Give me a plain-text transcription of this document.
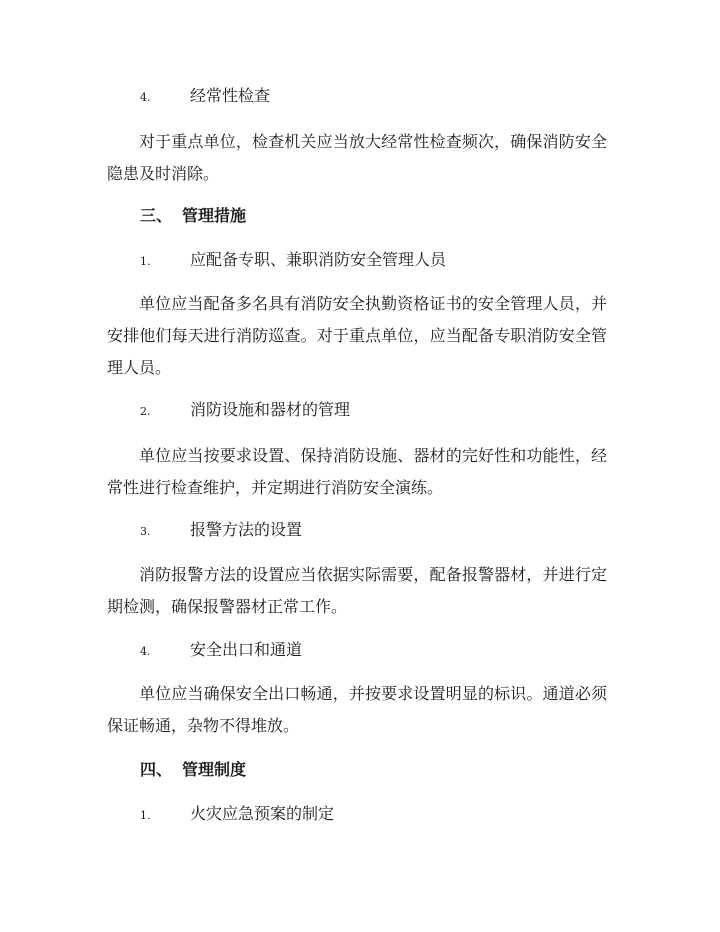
4. 经常性检查

对于重点单位，检查机关应当放大经常性检查频次，确保消防安全隐患及时消除。

三、 管理措施
1. 应配备专职、兼职消防安全管理人员

单位应当配备多名具有消防安全执勤资格证书的安全管理人员，并安排他们每天进行消防巡查。对于重点单位，应当配备专职消防安全管理人员。

2. 消防设施和器材的管理

单位应当按要求设置、保持消防设施、器材的完好性和功能性，经常性进行检查维护，并定期进行消防安全演练。

3. 报警方法的设置

消防报警方法的设置应当依据实际需要，配备报警器材，并进行定期检测，确保报警器材正常工作。

4. 安全出口和通道

单位应当确保安全出口畅通，并按要求设置明显的标识。通道必须保证畅通，杂物不得堆放。

四、 管理制度
1. 火灾应急预案的制定
